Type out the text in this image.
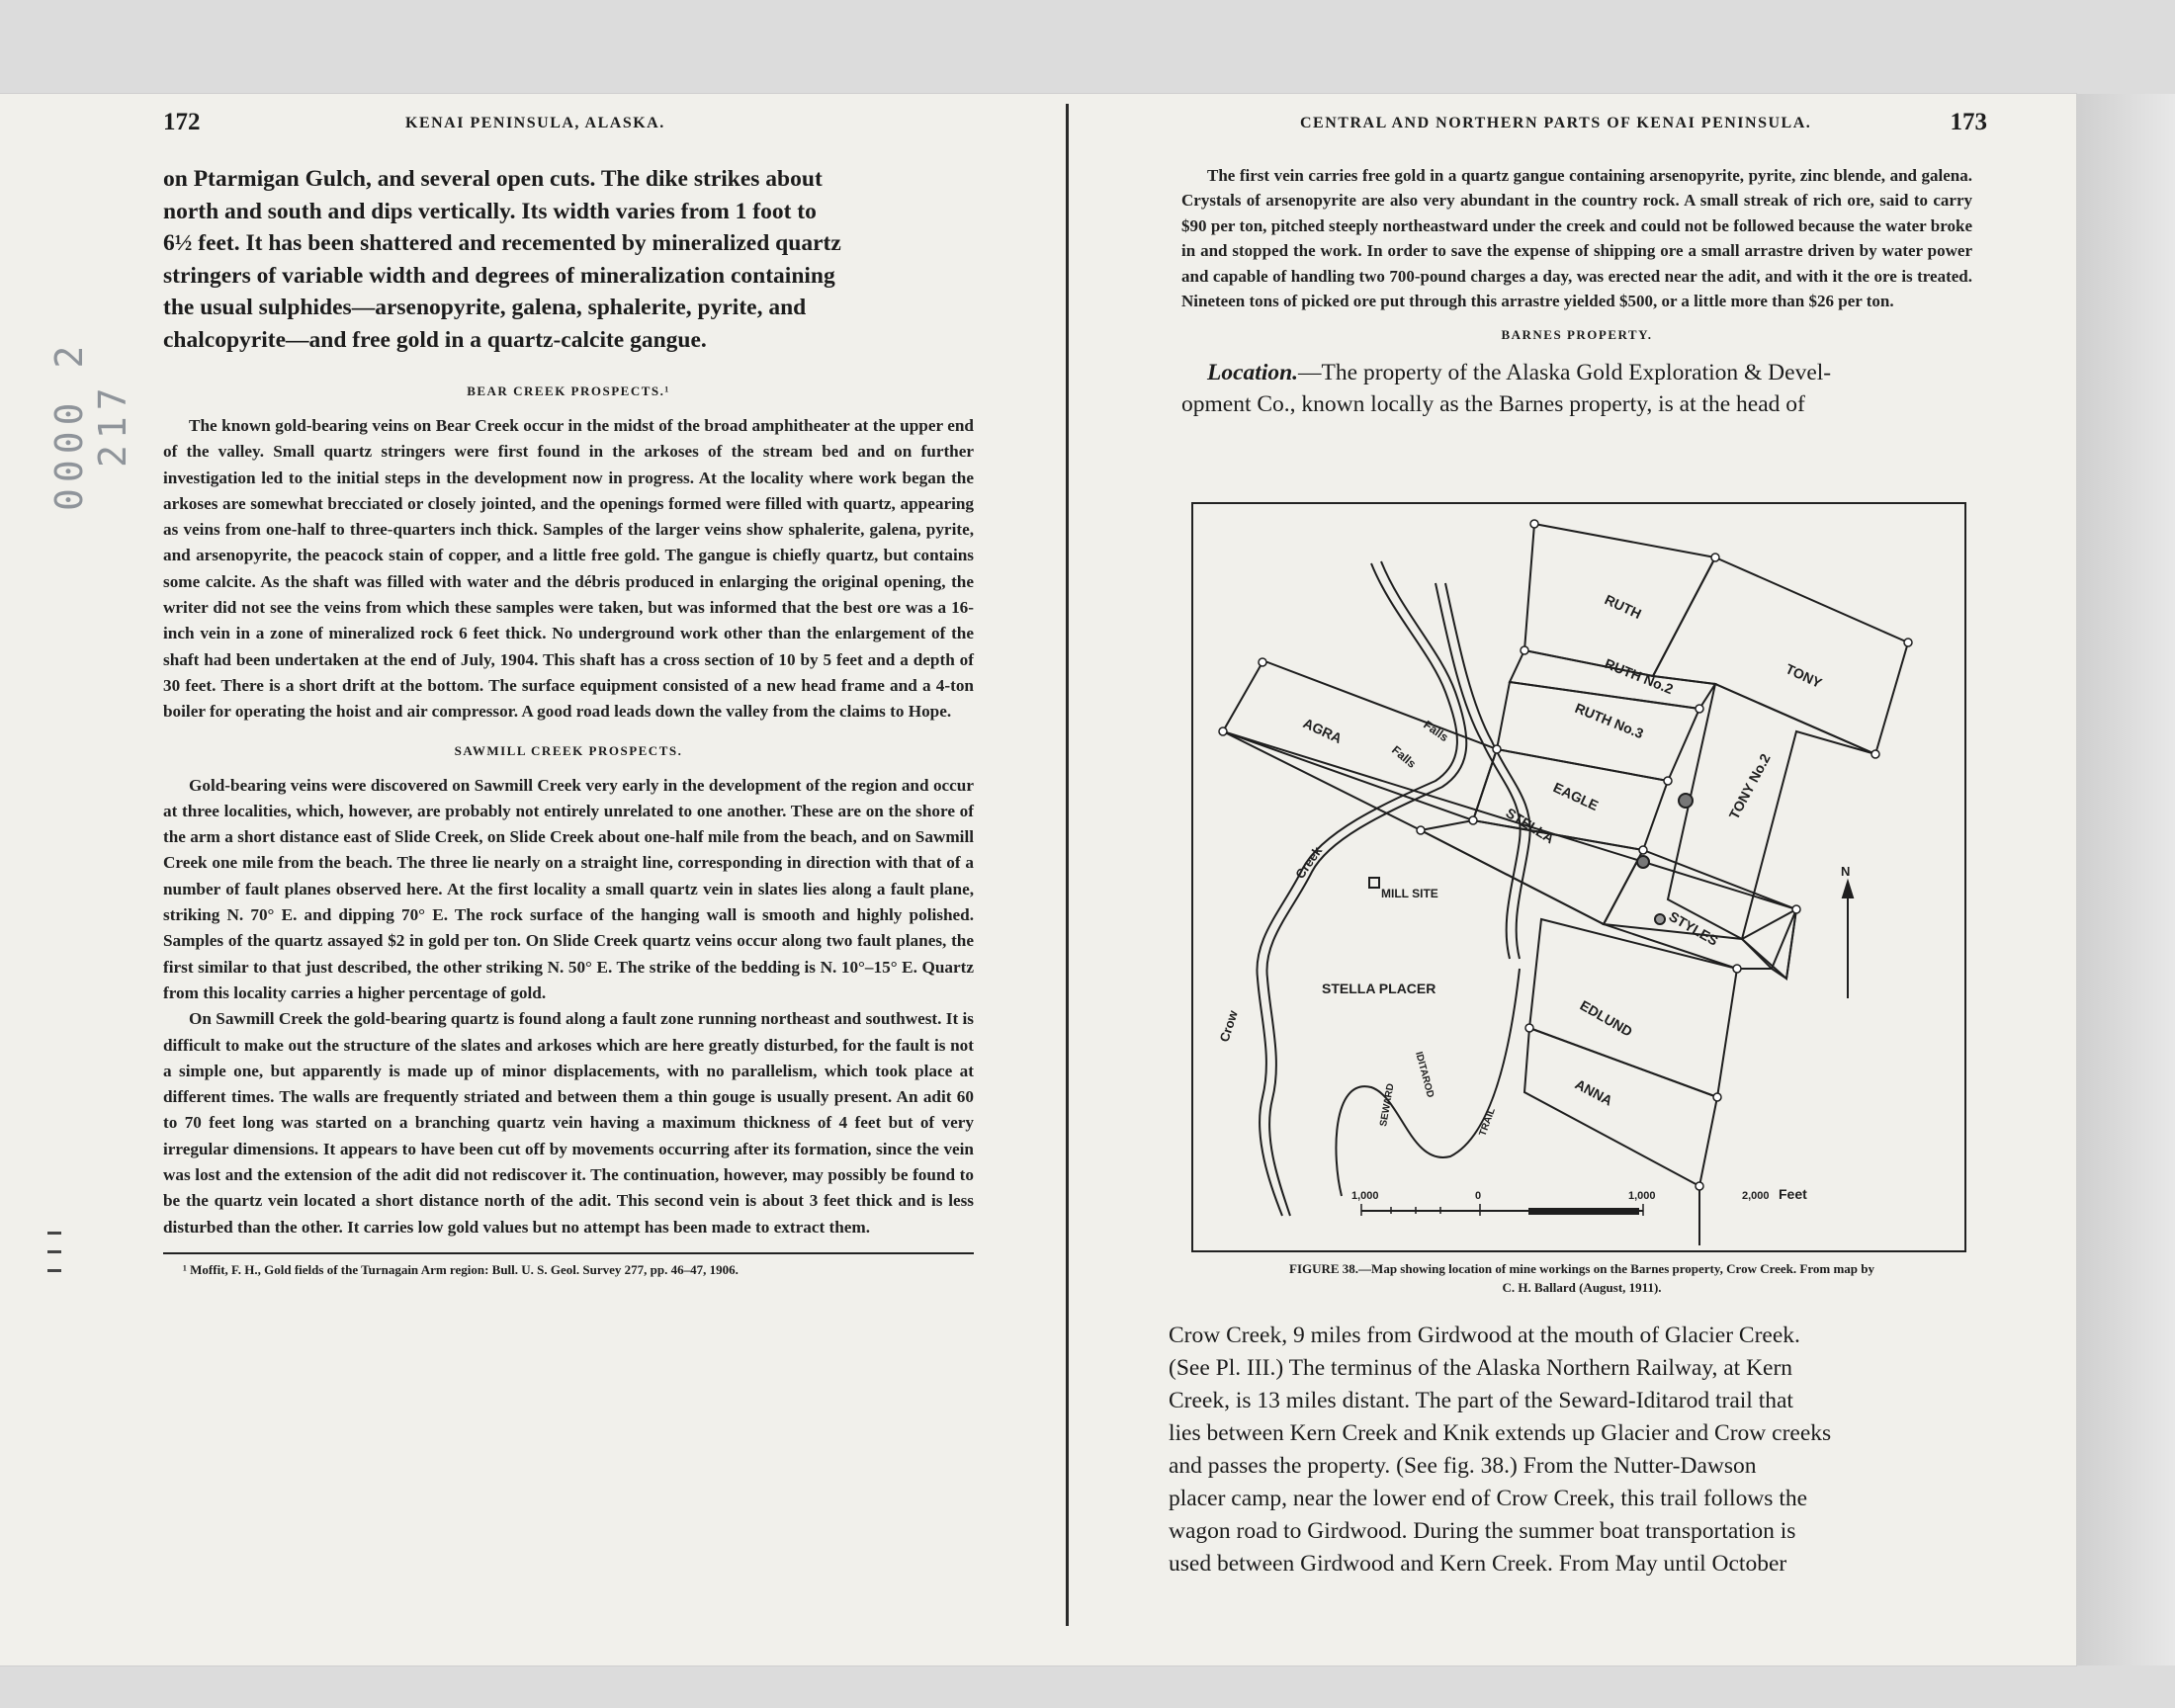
0000 2 217
172	KENAI PENINSULA, ALASKA.
on Ptarmigan Gulch, and several open cuts. The dike strikes about
north and south and dips vertically. Its width varies from 1 foot to
6½ feet. It has been shattered and recemented by mineralized quartz
stringers of variable width and degrees of mineralization containing
the usual sulphides—arsenopyrite, galena, sphalerite, pyrite, and
chalcopyrite—and free gold in a quartz-calcite gangue.

BEAR CREEK PROSPECTS.¹

The known gold-bearing veins on Bear Creek occur in the midst of the broad amphitheater at the upper end of the valley. Small quartz stringers were first found in the arkoses of the stream bed and on further investigation led to the initial steps in the development now in progress. At the locality where work began the arkoses are somewhat brecciated or closely jointed, and the openings formed were filled with quartz, appearing as veins from one-half to three-quarters inch thick. Samples of the larger veins show sphalerite, galena, pyrite, and arsenopyrite, the peacock stain of copper, and a little free gold. The gangue is chiefly quartz, but contains some calcite. As the shaft was filled with water and the débris produced in enlarging the original opening, the writer did not see the veins from which these samples were taken, but was informed that the best ore was a 16-inch vein in a zone of mineralized rock 6 feet thick. No underground work other than the enlargement of the shaft had been undertaken at the end of July, 1904. This shaft has a cross section of 10 by 5 feet and a depth of 30 feet. There is a short drift at the bottom. The surface equipment consisted of a new head frame and a 4-ton boiler for operating the hoist and air compressor. A good road leads down the valley from the claims to Hope.

SAWMILL CREEK PROSPECTS.

Gold-bearing veins were discovered on Sawmill Creek very early in the development of the region and occur at three localities, which, however, are probably not entirely unrelated to one another. These are on the shore of the arm a short distance east of Slide Creek, on Slide Creek about one-half mile from the beach, and on Sawmill Creek one mile from the beach. The three lie nearly on a straight line, corresponding in direction with that of a number of fault planes observed here. At the first locality a small quartz vein in slates lies along a fault plane, striking N. 70° E. and dipping 70° E. The rock surface of the hanging wall is smooth and highly polished. Samples of the quartz assayed $2 in gold per ton. On Slide Creek quartz veins occur along two fault planes, the first similar to that just described, the other striking N. 50° E. The strike of the bedding is N. 10°–15° E. Quartz from this locality carries a higher percentage of gold.

On Sawmill Creek the gold-bearing quartz is found along a fault zone running northeast and southwest. It is difficult to make out the structure of the slates and arkoses which are here greatly disturbed, for the fault is not a simple one, but apparently is made up of minor displacements, with no parallelism, which took place at different times. The walls are frequently striated and between them a thin gouge is usually present. An adit 60 to 70 feet long was started on a branching quartz vein having a maximum thickness of 4 feet but of very irregular dimensions. It appears to have been cut off by movements occurring after its formation, since the vein was lost and the extension of the adit did not rediscover it. The continuation, however, may possibly be found to be the quartz vein located a short distance north of the adit. This second vein is about 3 feet thick and is less disturbed than the other. It carries low gold values but no attempt has been made to extract them.

¹ Moffit, F. H., Gold fields of the Turnagain Arm region: Bull. U. S. Geol. Survey 277, pp. 46–47, 1906.

CENTRAL AND NORTHERN PARTS OF KENAI PENINSULA.	173

The first vein carries free gold in a quartz gangue containing arsenopyrite, pyrite, zinc blende, and galena. Crystals of arsenopyrite are also very abundant in the country rock. A small streak of rich ore, said to carry $90 per ton, pitched steeply northeastward under the creek and could not be followed because the water broke in and stopped the work. In order to save the expense of shipping ore a small arrastre driven by water power and capable of handling two 700-pound charges a day, was erected near the adit, and with it the ore is treated. Nineteen tons of picked ore put through this arrastre yielded $500, or a little more than $26 per ton.

BARNES PROPERTY.

Location.—The property of the Alaska Gold Exploration & Devel-
opment Co., known locally as the Barnes property, is at the head of
RUTH
RUTH No.2
RUTH No.3
TONY
TONY No.2
EAGLE
AGRA
STELLA
STYLES
EDLUND
ANNA
Falls
Falls
Crow
Creek
MILL SITE
STELLA PLACER
SEWARD
IDITAROD
TRAIL
N
1,000	0	1,000	2,000 Feet

FIGURE 38.—Map showing location of mine workings on the Barnes property, Crow Creek. From map by

C. H. Ballard (August, 1911).

Crow Creek, 9 miles from Girdwood at the mouth of Glacier Creek.
(See Pl. III.) The terminus of the Alaska Northern Railway, at Kern
Creek, is 13 miles distant. The part of the Seward-Iditarod trail that
lies between Kern Creek and Knik extends up Glacier and Crow creeks
and passes the property. (See fig. 38.) From the Nutter-Dawson
placer camp, near the lower end of Crow Creek, this trail follows the
wagon road to Girdwood. During the summer boat transportation is
used between Girdwood and Kern Creek. From May until October
